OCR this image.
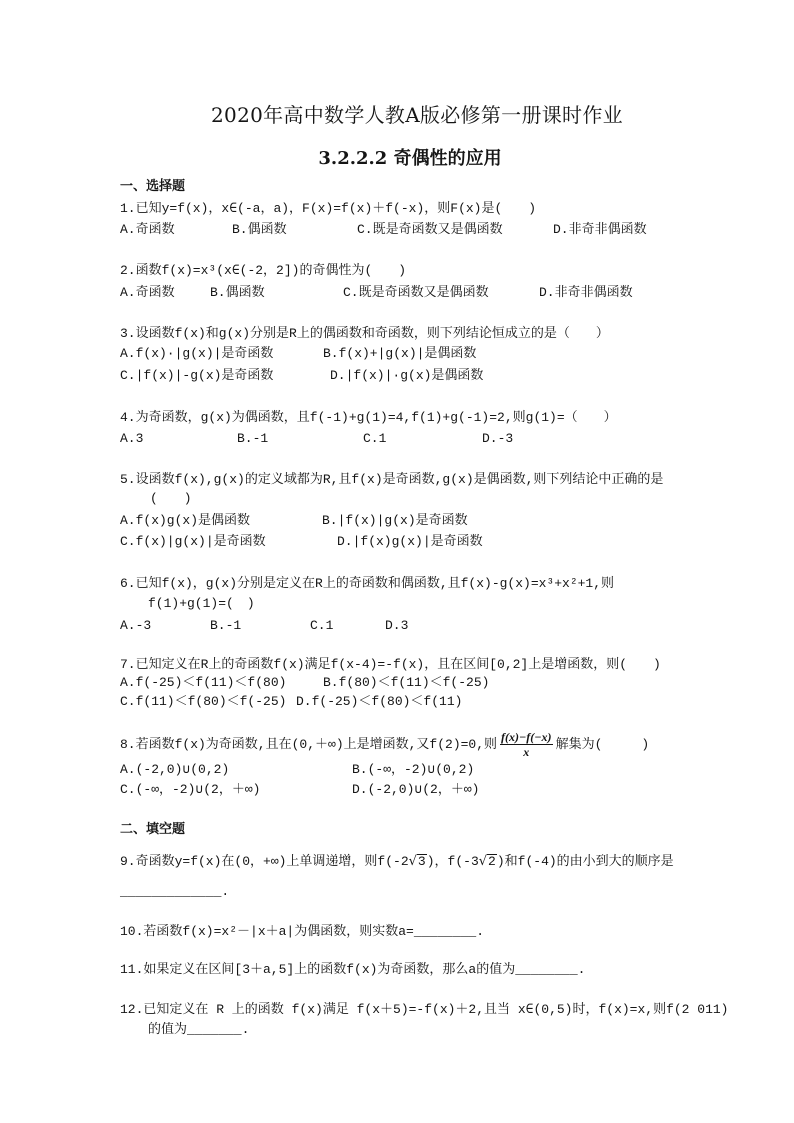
2020年高中数学人教A版必修第一册课时作业
3.2.2.2 奇偶性的应用
一、选择题
1.已知y=f(x)，x∈(-a，a)，F(x)=f(x)＋f(-x)，则F(x)是(　　)
A.奇函数	B.偶函数	C.既是奇函数又是偶函数	D.非奇非偶函数
2.函数f(x)=x³(x∈(-2，2])的奇偶性为(　　)
A.奇函数	B.偶函数	C.既是奇函数又是偶函数	D.非奇非偶函数
3.设函数f(x)和g(x)分别是R上的偶函数和奇函数，则下列结论恒成立的是（　　）
A.f(x)·|g(x)|是奇函数	B.f(x)+|g(x)|是偶函数
C.|f(x)|-g(x)是奇函数	D.|f(x)|·g(x)是偶函数
4.为奇函数，g(x)为偶函数，且f(-1)+g(1)=4,f(1)+g(-1)=2,则g(1)=（　　）
A.3	B.-1	C.1	D.-3
5.设函数f(x),g(x)的定义域都为R,且f(x)是奇函数,g(x)是偶函数,则下列结论中正确的是
(　　)
A.f(x)g(x)是偶函数	B.|f(x)|g(x)是奇函数
C.f(x)|g(x)|是奇函数	D.|f(x)g(x)|是奇函数
6.已知f(x)，g(x)分别是定义在R上的奇函数和偶函数,且f(x)-g(x)=x³+x²+1,则
f(1)+g(1)=(　)
A.-3	B.-1	C.1	D.3
7.已知定义在R上的奇函数f(x)满足f(x-4)=-f(x)，且在区间[0,2]上是增函数，则(　　)
A.f(-25)＜f(11)＜f(80)	B.f(80)＜f(11)＜f(-25)
C.f(11)＜f(80)＜f(-25) D.f(-25)＜f(80)＜f(11)
8.若函数f(x)为奇函数,且在(0,＋∞)上是增函数,又f(2)=0,则 $\frac{f(x)-f(-x)}{x}$ 解集为(　　　)
A.(-2,0)∪(0,2)	B.(-∞，-2)∪(0,2)
C.(-∞，-2)∪(2，＋∞)	D.(-2,0)∪(2，＋∞)
二、填空题
9.奇函数y=f(x)在(0，+∞)上单调递增，则f(-2√3)，f(-3√2)和f(-4)的由小到大的顺序是
_____________.
10.若函数f(x)=x²－|x＋a|为偶函数，则实数a=________.
11.如果定义在区间[3＋a,5]上的函数f(x)为奇函数，那么a的值为________.
12.已知定义在 R 上的函数 f(x)满足 f(x＋5)=-f(x)＋2,且当 x∈(0,5)时，f(x)=x,则f(2 011)
的值为_______.
